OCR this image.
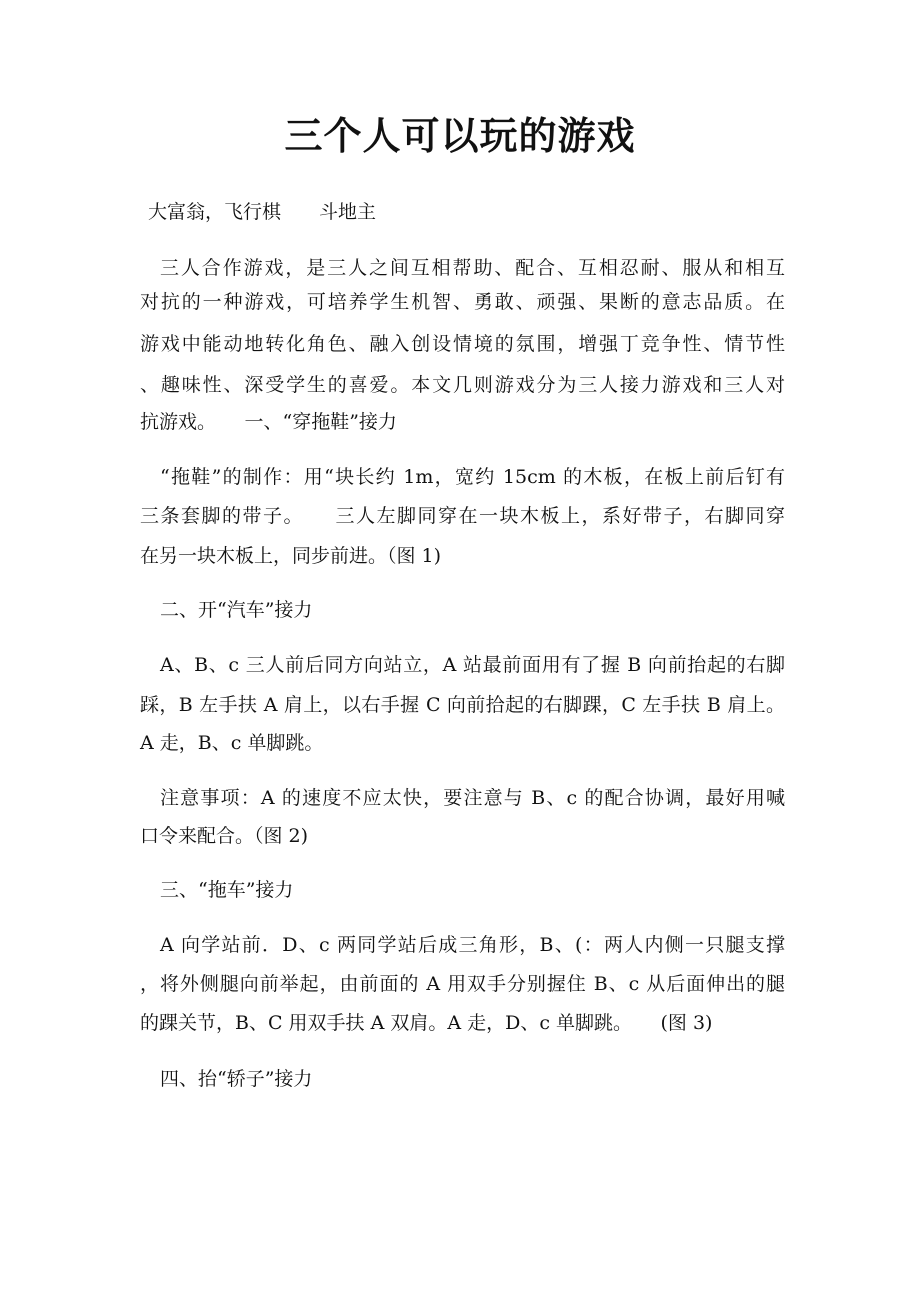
三个人可以玩的游戏

大富翁，飞行棋　　斗地主

三人合作游戏，是三人之间互相帮助、配合、互相忍耐、服从和相互

对抗的一种游戏，可培养学生机智、勇敢、顽强、果断的意志品质。在

游戏中能动地转化角色、融入创设情境的氛围，增强丁竞争性、情节性

、趣味性、深受学生的喜爱。本文几则游戏分为三人接力游戏和三人对

抗游戏。　　一、“穿拖鞋”接力

“拖鞋”的制作：用“块长约 1m，宽约 15cm 的木板，在板上前后钉有

三条套脚的带子。　　三人左脚同穿在一块木板上，系好带子，右脚同穿

在另一块木板上，同步前进。（图 1)

二、开“汽车”接力

A、B、c 三人前后同方向站立，A 站最前面用有了握 B 向前抬起的右脚

踩，B 左手扶 A 肩上，以右手握 C 向前拾起的右脚踝，C 左手扶 B 肩上。

A 走，B、c 单脚跳。

注意事项：A 的速度不应太快，要注意与 B、c 的配合协调，最好用喊

口令来配合。（图 2)

三、“拖车”接力

A 向学站前．D、c 两同学站后成三角形，B、(：两人内侧一只腿支撑

，将外侧腿向前举起，由前面的 A 用双手分别握住 B、c 从后面伸出的腿

的踝关节，B、C 用双手扶 A 双肩。A 走，D、c 单脚跳。　　(图 3)

四、抬“轿子”接力
